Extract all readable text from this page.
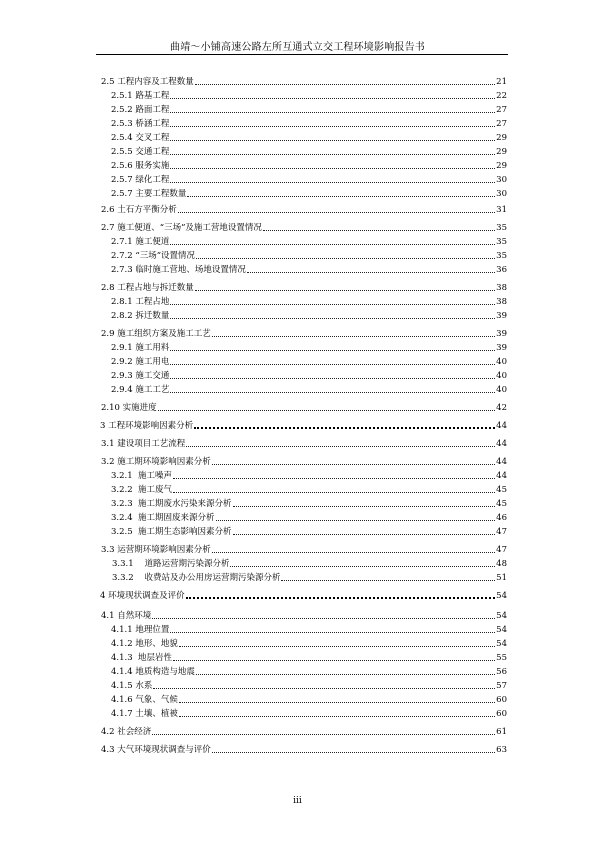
曲靖～小铺高速公路左所互通式立交工程环境影响报告书
2.5 工程内容及工程数量	21
2.5.1 路基工程	22
2.5.2 路面工程	27
2.5.3 桥涵工程	27
2.5.4 交叉工程	29
2.5.5 交通工程	29
2.5.6 服务实施	29
2.5.7 绿化工程	30
2.5.7 主要工程数量	30
2.6 土石方平衡分析	31
2.7 施工便道、“三场”及施工营地设置情况	35
2.7.1 施工便道	35
2.7.2 “三场”设置情况	35
2.7.3 临时施工营地、场地设置情况	36
2.8 工程占地与拆迁数量	38
2.8.1 工程占地	38
2.8.2 拆迁数量	39
2.9 施工组织方案及施工工艺	39
2.9.1 施工用料	39
2.9.2 施工用电	40
2.9.3 施工交通	40
2.9.4 施工工艺	40
2.10 实施进度	42
3 工程环境影响因素分析	44
3.1 建设项目工艺流程	44
3.2 施工期环境影响因素分析	44
3.2.1 施工噪声	44
3.2.2 施工废气	45
3.2.3 施工期废水污染来源分析	45
3.2.4 施工期固废来源分析	46
3.2.5 施工期生态影响因素分析	47
3.3 运营期环境影响因素分析	47
3.3.1 道路运营期污染源分析	48
3.3.2 收费站及办公用房运营期污染源分析	51
4 环境现状调查及评价	54
4.1 自然环境	54
4.1.1 地理位置	54
4.1.2 地形、地貌	54
4.1.3 地层岩性	55
4.1.4 地质构造与地震	56
4.1.5 水系	57
4.1.6 气象、气候	60
4.1.7 土壤、植被	60
4.2 社会经济	61
4.3 大气环境现状调查与评价	63
iii
